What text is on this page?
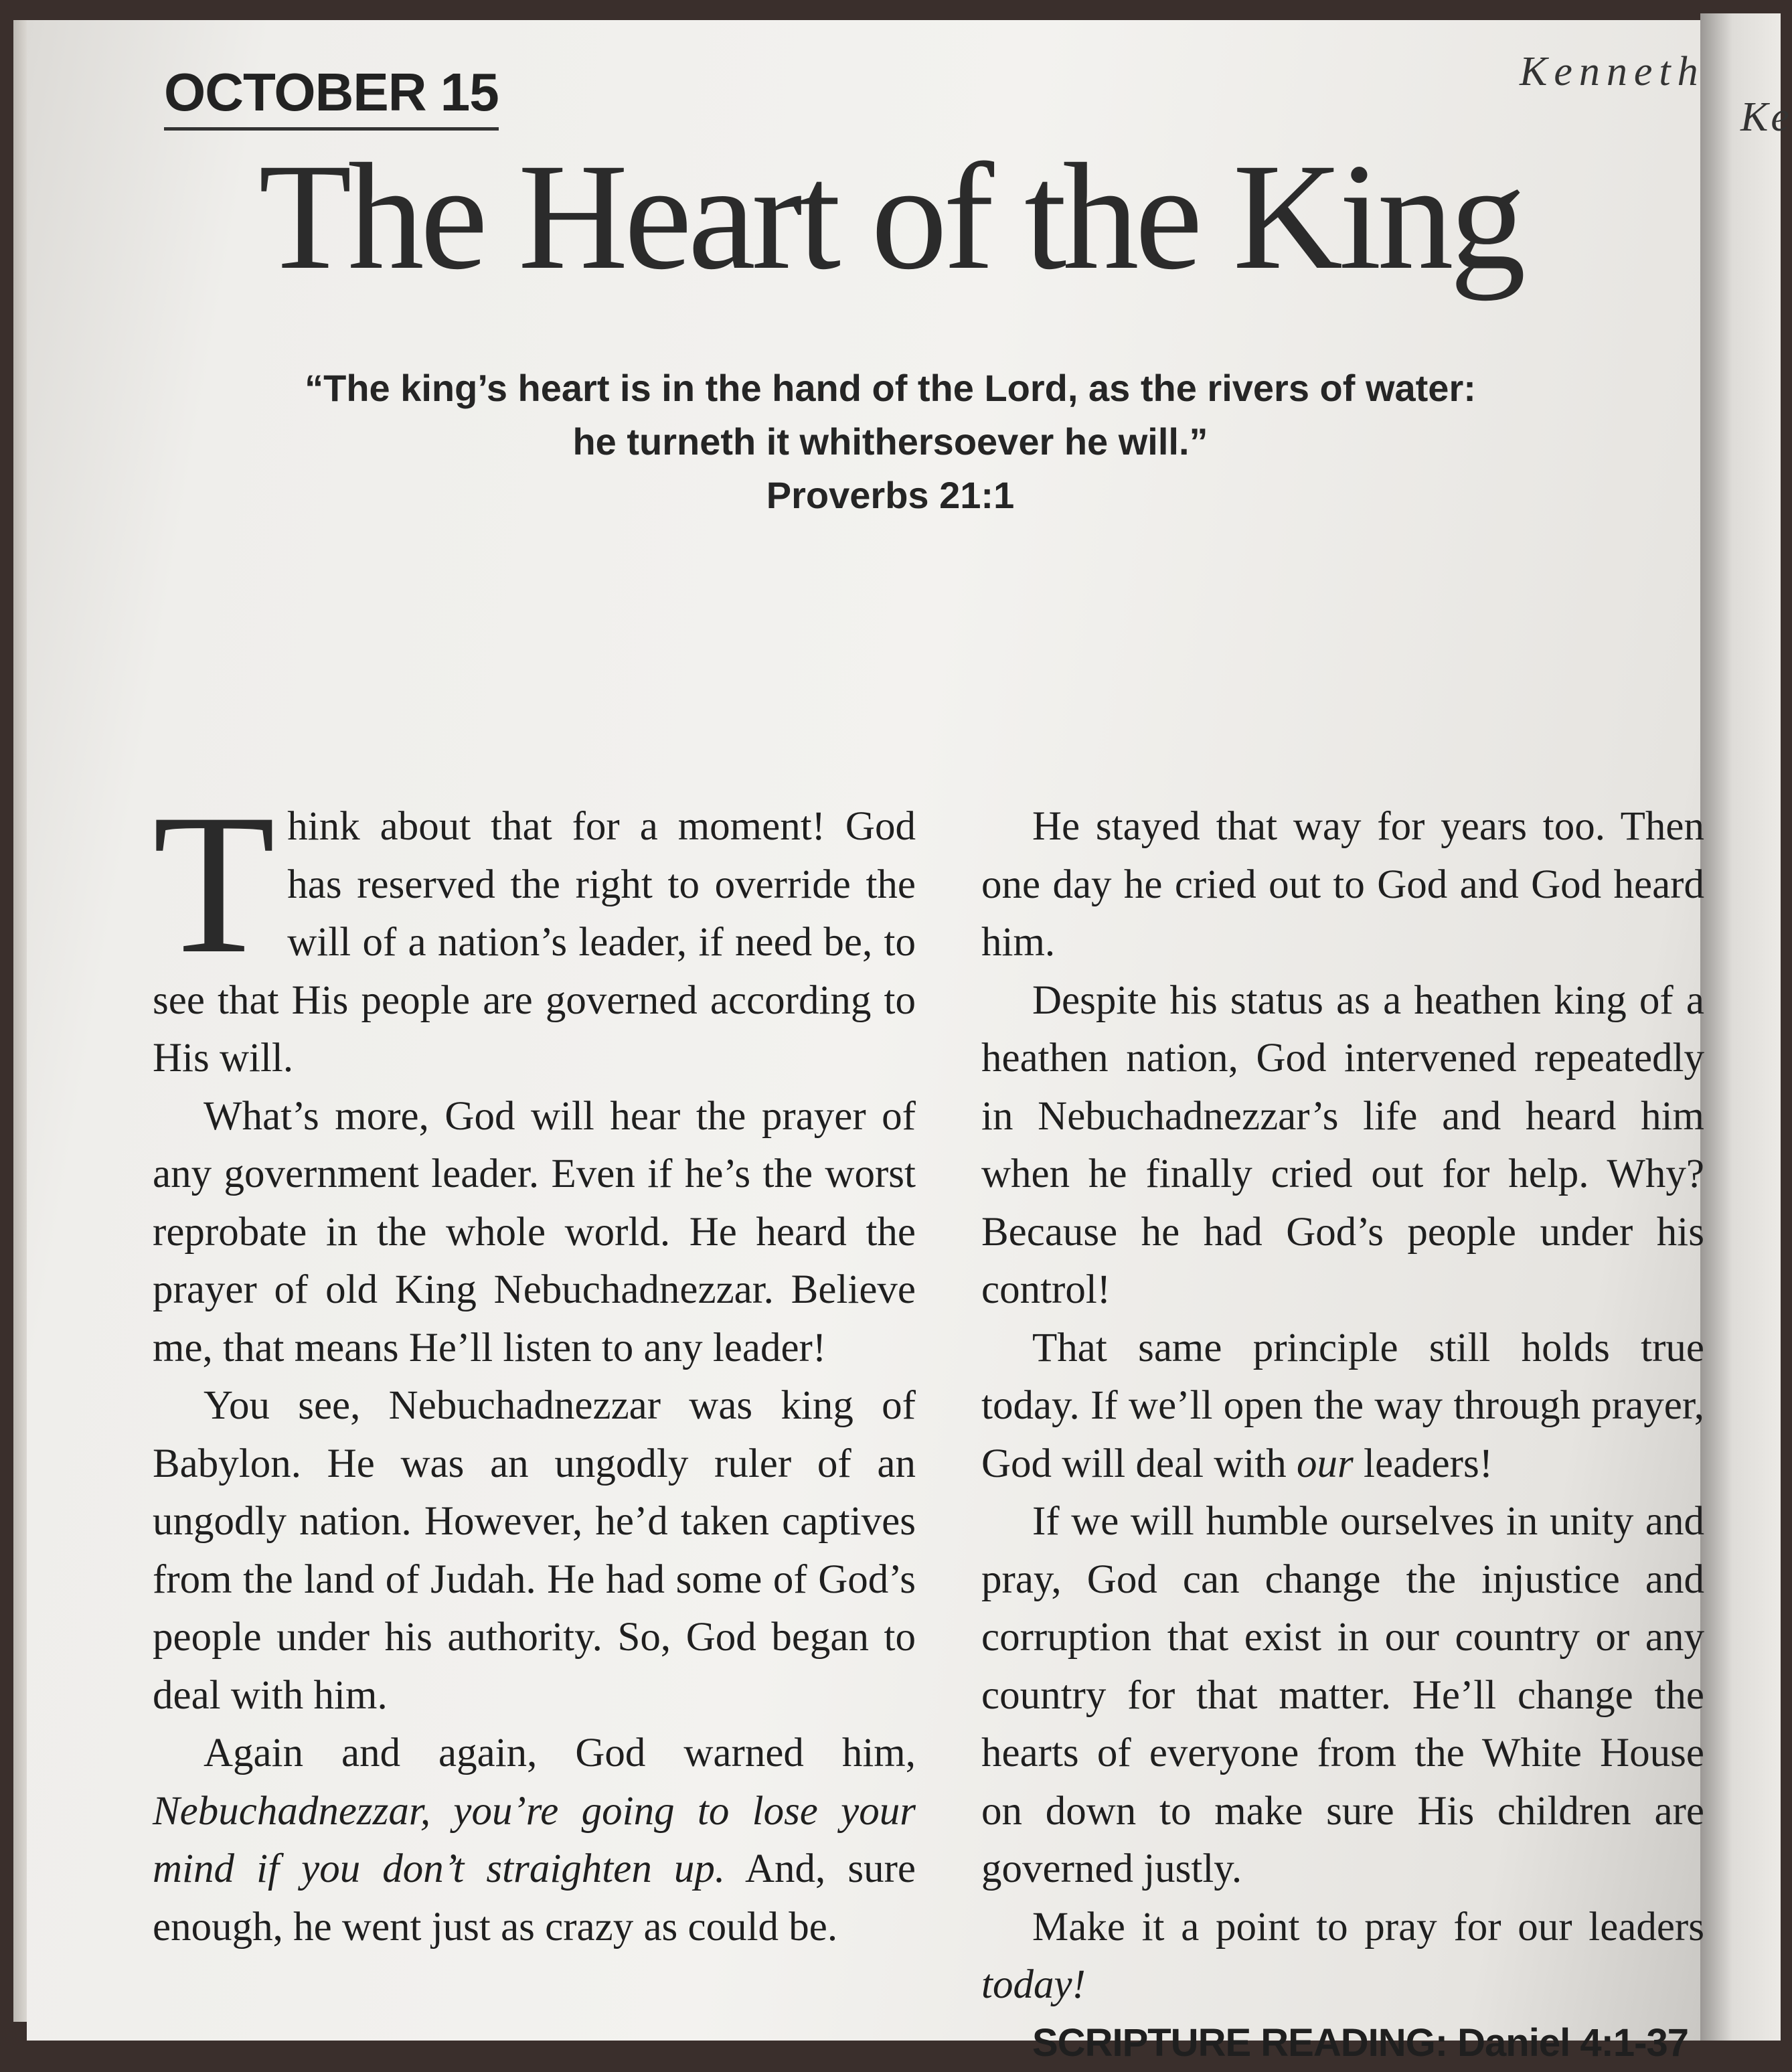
Ke
OCTOBER 15	Kenneth
The Heart of the King
“The king’s heart is in the hand of the Lord, as the rivers of water:
he turneth it whithersoever he will.”
Proverbs 21:1

Think about that for a moment! God has reserved the right to override the will of a nation’s leader, if need be, to see that His people are governed according to His will.

What’s more, God will hear the prayer of any government leader. Even if he’s the worst reprobate in the whole world. He heard the prayer of old King Nebuchadnezzar. Believe me, that means He’ll listen to any leader!

You see, Nebuchadnezzar was king of Babylon. He was an ungodly ruler of an ungodly nation. However, he’d taken captives from the land of Judah. He had some of God’s people under his authority. So, God began to deal with him.

Again and again, God warned him, Nebuchadnezzar, you’re going to lose your mind if you don’t straighten up. And, sure enough, he went just as crazy as could be.

He stayed that way for years too. Then one day he cried out to God and God heard him.

Despite his status as a heathen king of a heathen nation, God intervened repeatedly in Nebuchadnezzar’s life and heard him when he finally cried out for help. Why? Because he had God’s people under his control!

That same principle still holds true today. If we’ll open the way through prayer, God will deal with our leaders!

If we will humble ourselves in unity and pray, God can change the injustice and corruption that exist in our country or any country for that matter. He’ll change the hearts of everyone from the White House on down to make sure His children are governed justly.

Make it a point to pray for our leaders today!

SCRIPTURE READING: Daniel 4:1-37
